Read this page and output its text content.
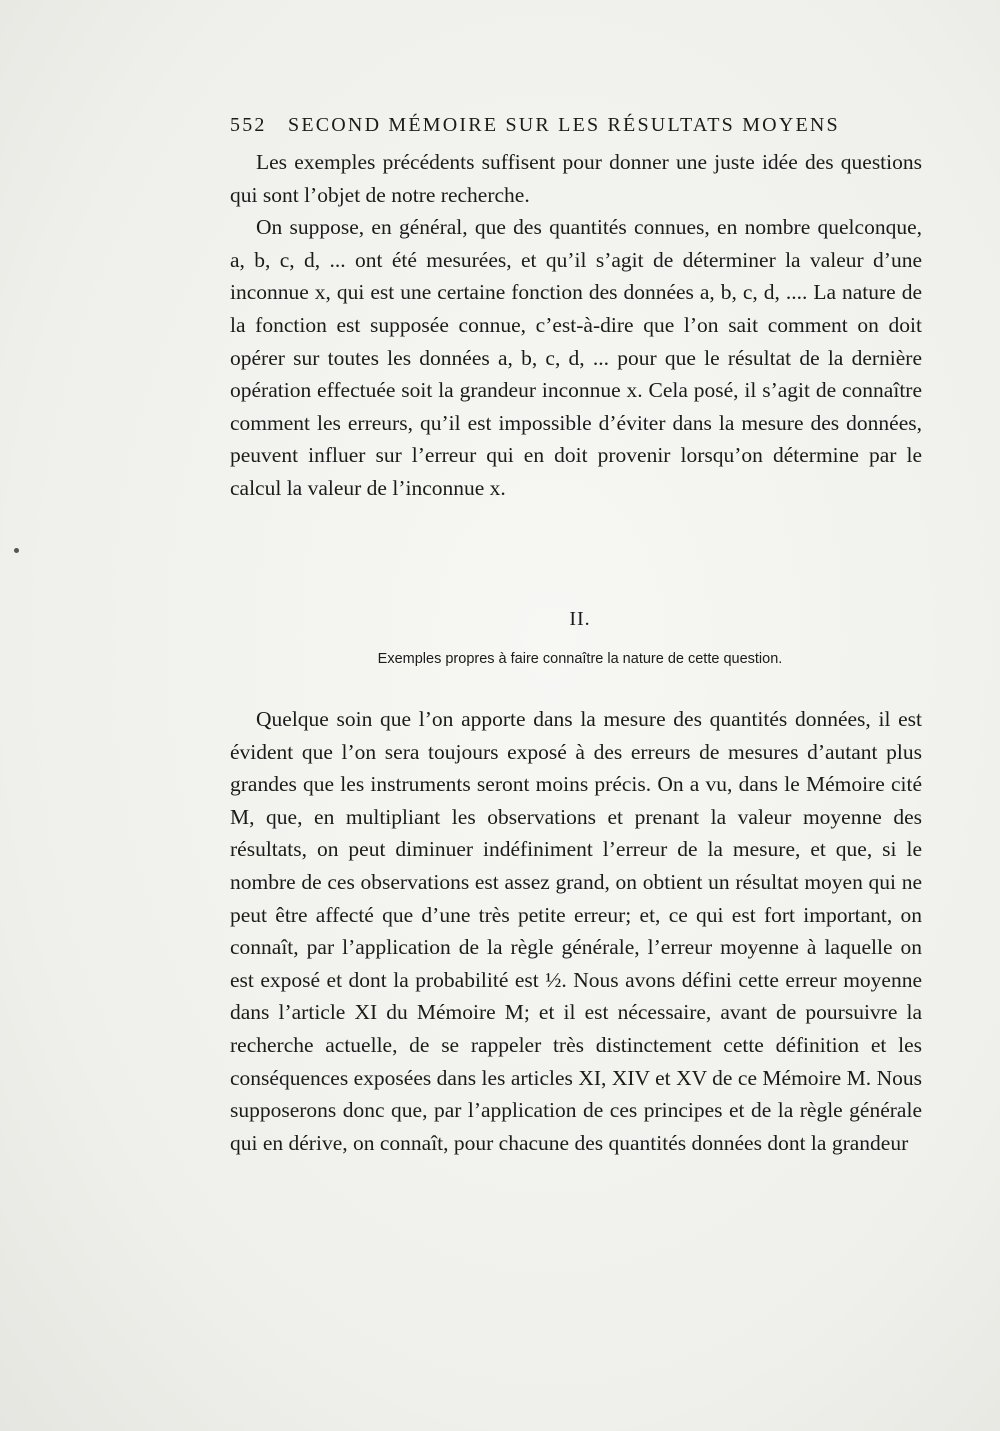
552 SECOND MÉMOIRE SUR LES RÉSULTATS MOYENS

Les exemples précédents suffisent pour donner une juste idée des questions qui sont l’objet de notre recherche.

On suppose, en général, que des quantités connues, en nombre quelconque, a, b, c, d, ... ont été mesurées, et qu’il s’agit de déterminer la valeur d’une inconnue x, qui est une certaine fonction des données a, b, c, d, .... La nature de la fonction est supposée connue, c’est-à-dire que l’on sait comment on doit opérer sur toutes les données a, b, c, d, ... pour que le résultat de la dernière opération effectuée soit la grandeur inconnue x. Cela posé, il s’agit de connaître comment les erreurs, qu’il est impossible d’éviter dans la mesure des données, peuvent influer sur l’erreur qui en doit provenir lorsqu’on détermine par le calcul la valeur de l’inconnue x.

II.
Exemples propres à faire connaître la nature de cette question.

Quelque soin que l’on apporte dans la mesure des quantités données, il est évident que l’on sera toujours exposé à des erreurs de mesures d’autant plus grandes que les instruments seront moins précis. On a vu, dans le Mémoire cité M, que, en multipliant les observations et prenant la valeur moyenne des résultats, on peut diminuer indéfiniment l’erreur de la mesure, et que, si le nombre de ces observations est assez grand, on obtient un résultat moyen qui ne peut être affecté que d’une très petite erreur; et, ce qui est fort important, on connaît, par l’application de la règle générale, l’erreur moyenne à laquelle on est exposé et dont la probabilité est ½. Nous avons défini cette erreur moyenne dans l’article XI du Mémoire M; et il est nécessaire, avant de poursuivre la recherche actuelle, de se rappeler très distinctement cette définition et les conséquences exposées dans les articles XI, XIV et XV de ce Mémoire M. Nous supposerons donc que, par l’application de ces principes et de la règle générale qui en dérive, on connaît, pour chacune des quantités données dont la grandeur
